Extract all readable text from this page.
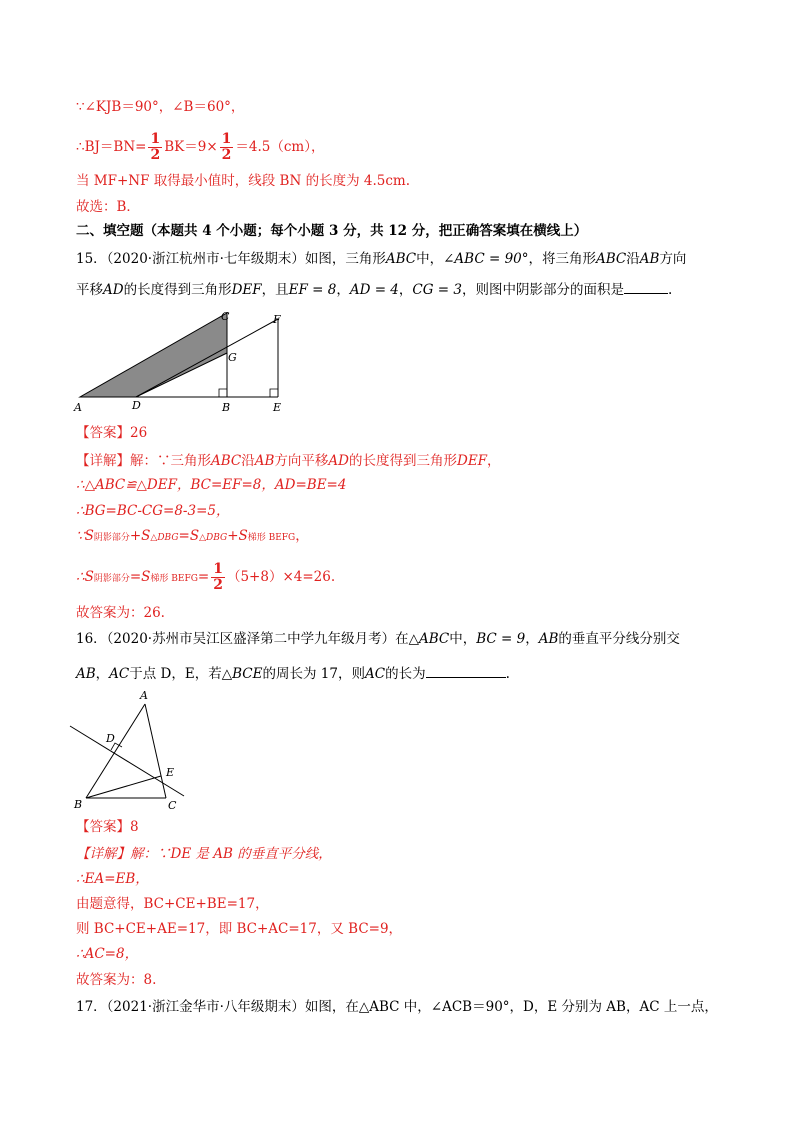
∵∠KJB＝90°，∠B＝60°，
∴BJ＝BN= $\frac{1}{2} BK=9\times \frac{1}{2} =4.5(cm)$，
当 MF+NF 取得最小值时，线段 BN 的长度为 4.5cm.
故选：B．
二、填空题（本题共 4 个小题；每个小题 3 分，共 12 分，把正确答案填在横线上）
15．（2020·浙江杭州市·七年级期末）如图，三角形ABC中，∠ABC = 90°，将三角形ABC沿AB方向
平移AD的长度得到三角形DEF，且EF = 8，AD = 4，CG = 3，则图中阴影部分的面积是	.
A	D	B	E
C	F
G
【答案】26
【详解】解：∵三角形ABC沿AB方向平移AD的长度得到三角形DEF，
∴△ABC≌△DEF，BC=EF=8，AD=BE=4
∴BG=BC-CG=8-3=5，
∵S阴影部分+S△DBG=S△DBG+S梯形 BEFG，
∴S阴影部分=S梯形 BEFG= $\frac{1}{2} (5+8)\times 4=26$.
故答案为：26.
16．（2020·苏州市吴江区盛泽第二中学九年级月考）在△ABC中，BC = 9，AB的垂直平分线分别交
AB，AC于点 D，E，若△BCE的周长为 17，则AC的长为	.
A
D
E
B	C
【答案】8
【详解】解：∵DE 是 AB 的垂直平分线，
∴EA=EB，
由题意得，BC+CE+BE=17，
则 BC+CE+AE=17，即 BC+AC=17，又 BC=9，
∴AC=8，
故答案为：8.
17．（2021·浙江金华市·八年级期末）如图，在△ABC 中，∠ACB＝90°，D，E 分别为 AB，AC 上一点，
